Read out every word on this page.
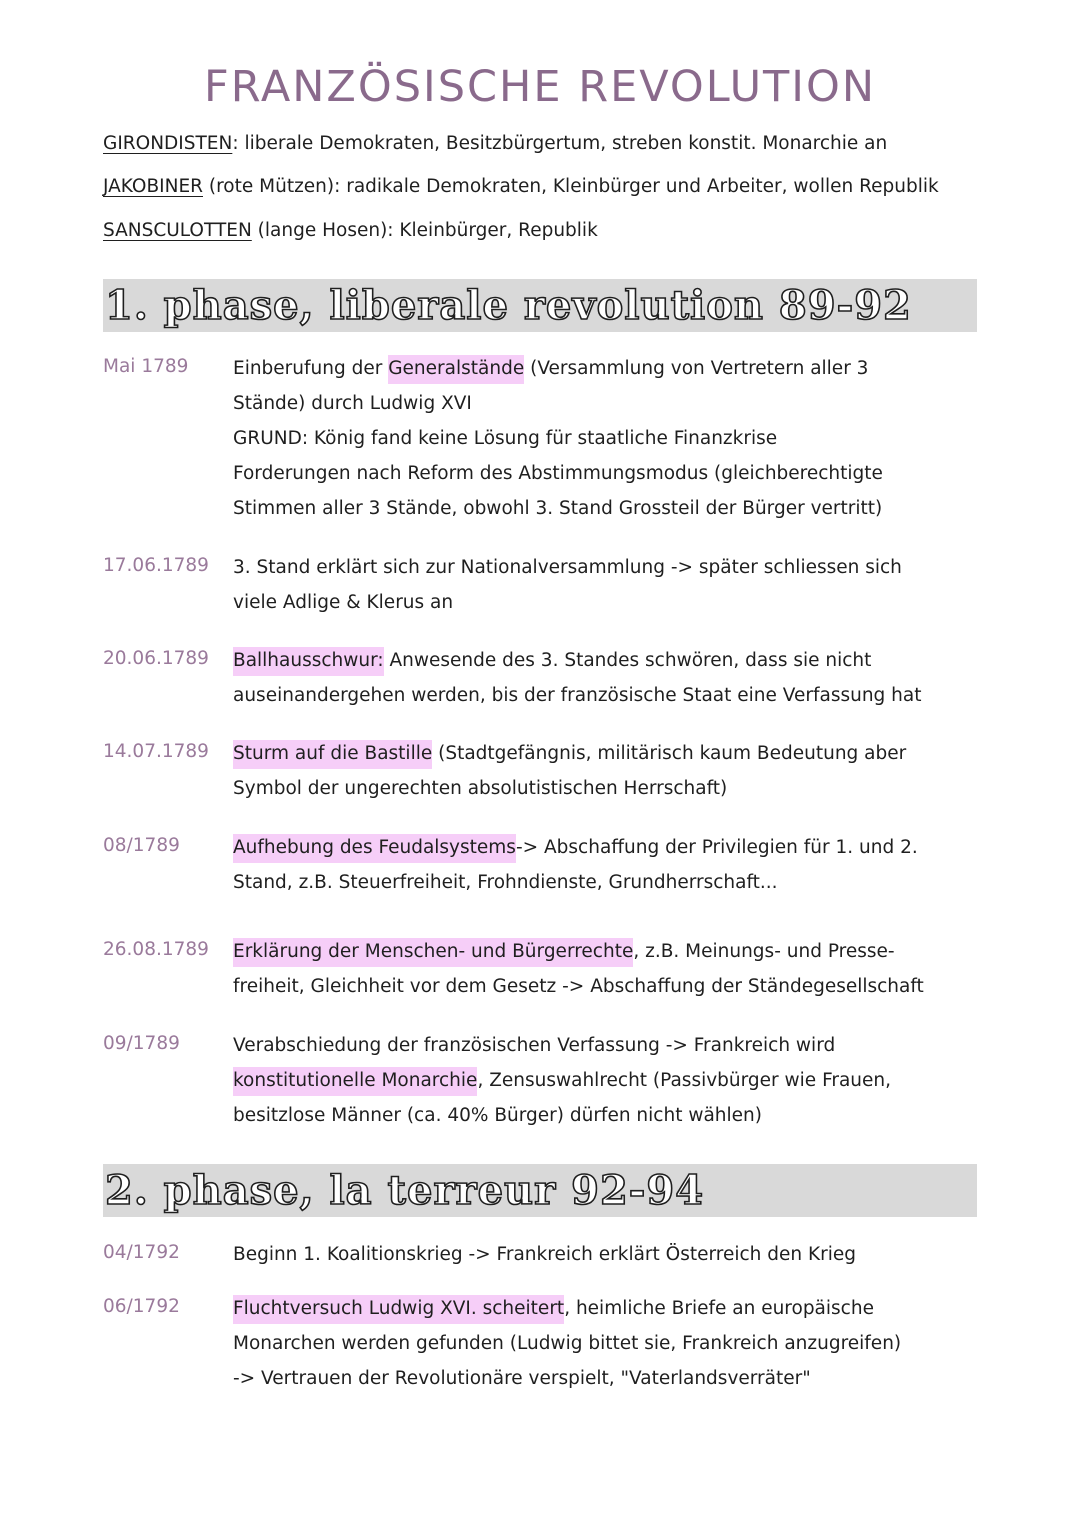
FRANZÖSISCHE REVOLUTION
GIRONDISTEN: liberale Demokraten, Besitzbürgertum, streben konstit. Monarchie an
JAKOBINER (rote Mützen): radikale Demokraten, Kleinbürger und Arbeiter, wollen Republik
SANSCULOTTEN (lange Hosen): Kleinbürger, Republik
1. phase, liberale revolution 89-92
Mai 1789 Einberufung der Generalstände (Versammlung von Vertretern aller 3
Stände) durch Ludwig XVI
GRUND: König fand keine Lösung für staatliche Finanzkrise
Forderungen nach Reform des Abstimmungsmodus (gleichberechtigte
Stimmen aller 3 Stände, obwohl 3. Stand Grossteil der Bürger vertritt)
17.06.1789 3. Stand erklärt sich zur Nationalversammlung -> später schliessen sich
viele Adlige & Klerus an
20.06.1789 Ballhausschwur: Anwesende des 3. Standes schwören, dass sie nicht
auseinandergehen werden, bis der französische Staat eine Verfassung hat
14.07.1789 Sturm auf die Bastille (Stadtgefängnis, militärisch kaum Bedeutung aber
Symbol der ungerechten absolutistischen Herrschaft)
08/1789	Aufhebung des Feudalsystems-> Abschaffung der Privilegien für 1. und 2.
Stand, z.B. Steuerfreiheit, Frohndienste, Grundherrschaft...
26.08.1789 Erklärung der Menschen- und Bürgerrechte, z.B. Meinungs- und Presse-
freiheit, Gleichheit vor dem Gesetz -> Abschaffung der Ständegesellschaft
09/1789	Verabschiedung der französischen Verfassung -> Frankreich wird
konstitutionelle Monarchie, Zensuswahlrecht (Passivbürger wie Frauen,
besitzlose Männer (ca. 40% Bürger) dürfen nicht wählen)
2. phase, la terreur 92-94
04/1792	Beginn 1. Koalitionskrieg -> Frankreich erklärt Österreich den Krieg
06/1792	Fluchtversuch Ludwig XVI. scheitert, heimliche Briefe an europäische
Monarchen werden gefunden (Ludwig bittet sie, Frankreich anzugreifen)
-> Vertrauen der Revolutionäre verspielt, "Vaterlandsverräter"
